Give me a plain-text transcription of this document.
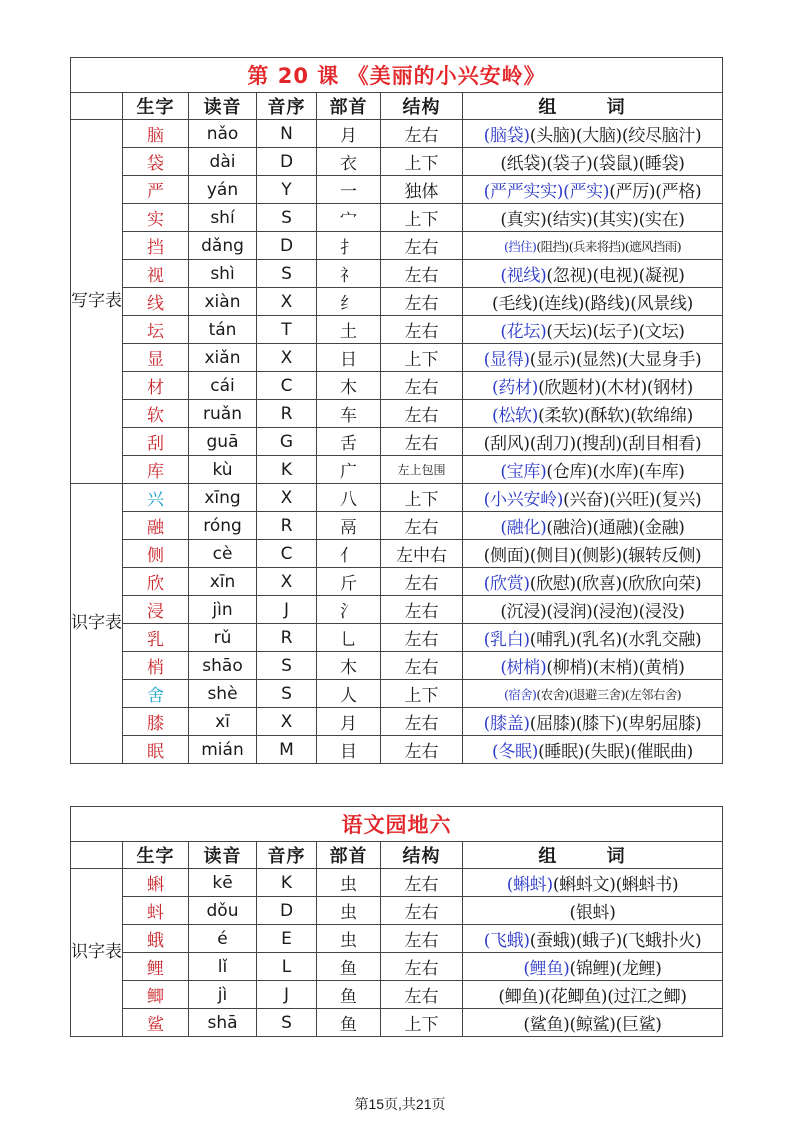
第 20 课 《美丽的小兴安岭》						
	生字	读音	音序	部首	结构	组 词
写字表	脑	nǎo	N	月	左右	(脑袋)(头脑)(大脑)(绞尽脑汁)
	袋	dài	D	衣	上下	(纸袋)(袋子)(袋鼠)(睡袋)
	严	yán	Y	一	独体	(严严实实)(严实)(严厉)(严格)
	实	shí	S	宀	上下	(真实)(结实)(其实)(实在)
	挡	dǎng	D	扌	左右	(挡住)(阻挡)(兵来将挡)(遮风挡雨)
	视	shì	S	礻	左右	(视线)(忽视)(电视)(凝视)
	线	xiàn	X	纟	左右	(毛线)(连线)(路线)(风景线)
	坛	tán	T	土	左右	(花坛)(天坛)(坛子)(文坛)
	显	xiǎn	X	日	上下	(显得)(显示)(显然)(大显身手)
	材	cái	C	木	左右	(药材)(欣题材)(木材)(钢材)
	软	ruǎn	R	车	左右	(松软)(柔软)(酥软)(软绵绵)
	刮	guā	G	舌	左右	(刮风)(刮刀)(搜刮)(刮目相看)
	库	kù	K	广	左上包围	(宝库)(仓库)(水库)(车库)
识字表	兴	xīng	X	八	上下	(小兴安岭)(兴奋)(兴旺)(复兴)
	融	róng	R	鬲	左右	(融化)(融洽)(通融)(金融)
	侧	cè	C	亻	左中右	(侧面)(侧目)(侧影)(辗转反侧)
	欣	xīn	X	斤	左右	(欣赏)(欣慰)(欣喜)(欣欣向荣)
	浸	jìn	J	氵	左右	(沉浸)(浸润)(浸泡)(浸没)
	乳	rǔ	R	乚	左右	(乳白)(哺乳)(乳名)(水乳交融)
	梢	shāo	S	木	左右	(树梢)(柳梢)(末梢)(黄梢)
	舍	shè	S	人	上下	(宿舍)(农舍)(退避三舍)(左邻右舍)
	膝	xī	X	月	左右	(膝盖)(屈膝)(膝下)(卑躬屈膝)
	眠	mián	M	目	左右	(冬眠)(睡眠)(失眠)(催眠曲)
语文园地六						
	生字	读音	音序	部首	结构	组 词
识字表	蝌	kē	K	虫	左右	(蝌蚪)(蝌蚪文)(蝌蚪书)
	蚪	dǒu	D	虫	左右	(银蚪)
	蛾	é	E	虫	左右	(飞蛾)(蚕蛾)(蛾子)(飞蛾扑火)
	鲤	lǐ	L	鱼	左右	(鲤鱼)(锦鲤)(龙鲤)
	鲫	jì	J	鱼	左右	(鲫鱼)(花鲫鱼)(过江之鲫)
	鲨	shā	S	鱼	上下	(鲨鱼)(鲸鲨)(巨鲨)
第15页,共21页
